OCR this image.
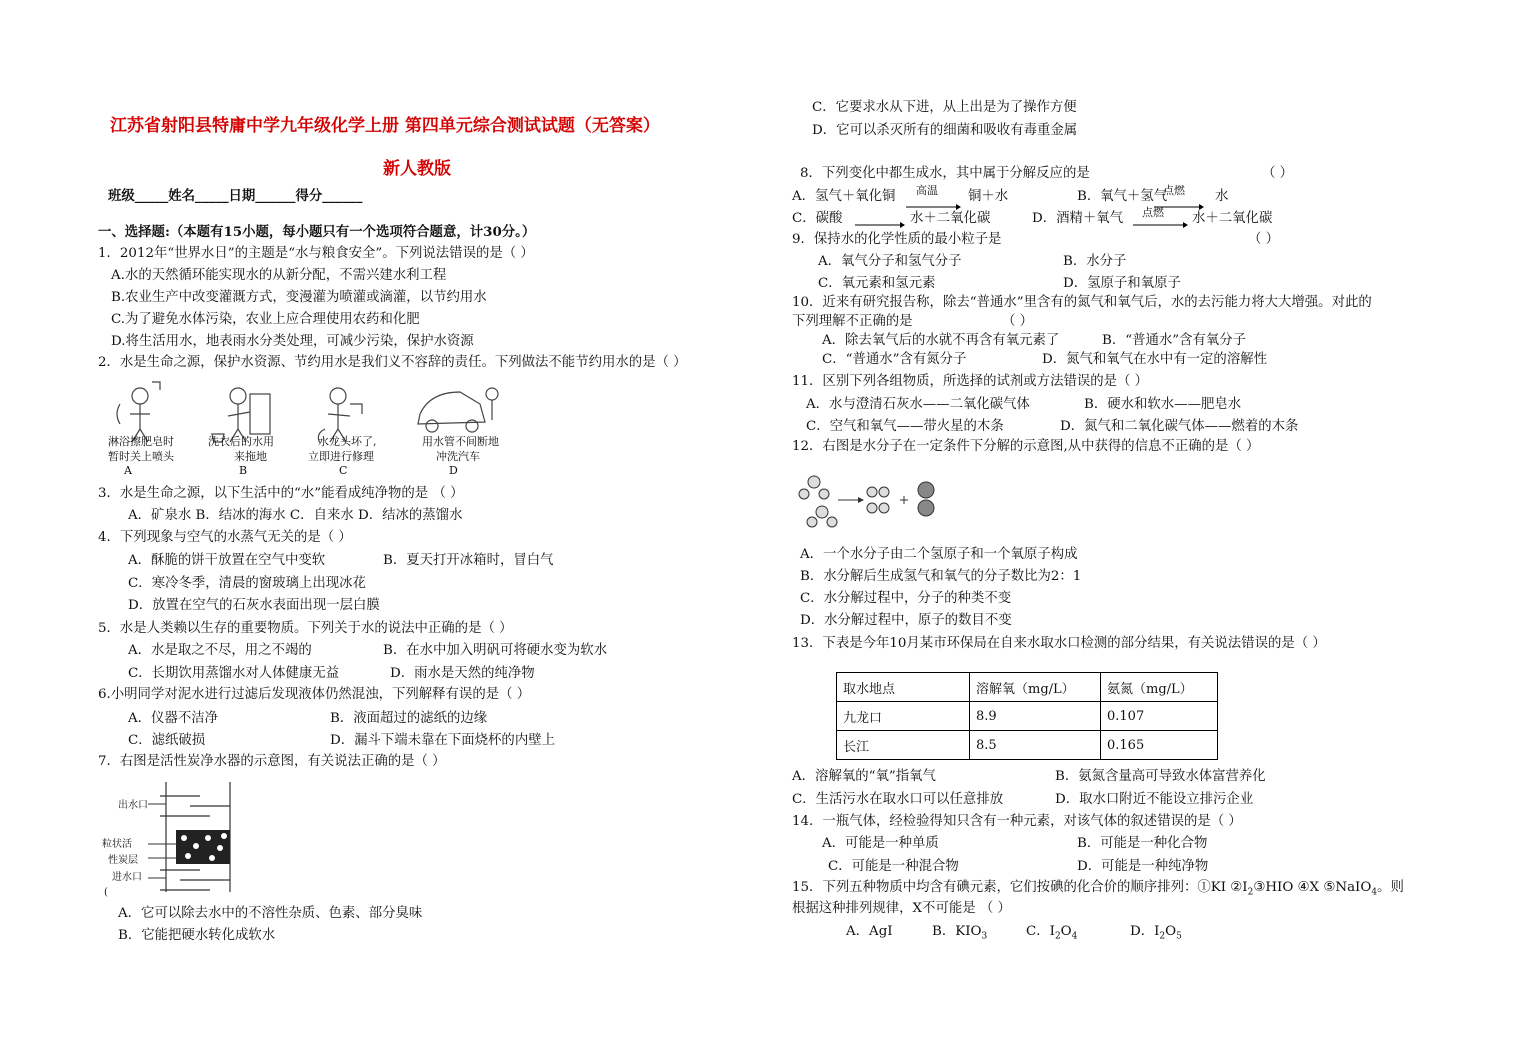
江苏省射阳县特庸中学九年级化学上册 第四单元综合测试试题（无答案）
新人教版
班级_____姓名_____日期______得分______
一、选择题:（本题有15小题，每小题只有一个选项符合题意，计30分。）
1．2012年“世界水日”的主题是“水与粮食安全”。下列说法错误的是（ ）
A.水的天然循环能实现水的从新分配，不需兴建水利工程
B.农业生产中改变灌溉方式，变漫灌为喷灌或滴灌，以节约用水
C.为了避免水体污染，农业上应合理使用农药和化肥
D.将生活用水，地表雨水分类处理，可减少污染，保护水资源
2．水是生命之源，保护水资源、节约用水是我们义不容辞的责任。下列做法不能节约用水的是（ ）
淋浴擦肥皂时
暂时关上喷头
A
洗衣后的水用
来拖地
B
水龙头坏了,
立即进行修理
C
用水管不间断地
冲洗汽车
D
3．水是生命之源，以下生活中的“水”能看成纯净物的是 （ ）
A．矿泉水 B．结冰的海水 C．自来水 D．结冰的蒸馏水
4．下列现象与空气的水蒸气无关的是（ ）
A．酥脆的饼干放置在空气中变软	B．夏天打开冰箱时，冒白气
C．寒冷冬季，清晨的窗玻璃上出现冰花
D．放置在空气的石灰水表面出现一层白膜
5．水是人类赖以生存的重要物质。下列关于水的说法中正确的是（ ）
A．水是取之不尽，用之不竭的	B．在水中加入明矾可将硬水变为软水
C．长期饮用蒸馏水对人体健康无益	D．雨水是天然的纯净物
6.小明同学对泥水进行过滤后发现液体仍然混浊，下列解释有误的是（ ）
A．仪器不洁净	B．液面超过的滤纸的边缘
C．滤纸破损	D．漏斗下端未靠在下面烧杯的内壁上
7．右图是活性炭净水器的示意图，有关说法正确的是（ ）
出水口
粒状活
性炭层
进水口
(
A．它可以除去水中的不溶性杂质、色素、部分臭味
B．它能把硬水转化成软水
C．它要求水从下进，从上出是为了操作方便
D．它可以杀灭所有的细菌和吸收有毒重金属
8．下列变化中都生成水，其中属于分解反应的是	（ ）
A．氢气＋氧化铜 高温 铜＋水	B．氧气＋氢气
点燃 → 水
C．碳酸 → 水＋二氧化碳	D．酒精＋氧气 点燃 水＋二氧化碳
9．保持水的化学性质的最小粒子是	（ ）
A．氧气分子和氢气分子	B．水分子
C．氧元素和氢元素	D．氢原子和氧原子
10．近来有研究报告称，除去“普通水”里含有的氮气和氧气后，水的去污能力将大大增强。对此的
下列理解不正确的是	（ ）
A．除去氧气后的水就不再含有氧元素了	B．“普通水”含有氧分子
C．“普通水”含有氮分子	D．氮气和氧气在水中有一定的溶解性
11．区别下列各组物质，所选择的试剂或方法错误的是（ ）
A．水与澄清石灰水——二氧化碳气体	B．硬水和软水——肥皂水
C．空气和氧气——带火星的木条	D．氮气和二氧化碳气体——燃着的木条
12．右图是水分子在一定条件下分解的示意图,从中获得的信息不正确的是（ ）
A．一个水分子由二个氢原子和一个氧原子构成
B．水分解后生成氢气和氧气的分子数比为2：1
C．水分解过程中，分子的种类不变
D．水分解过程中，原子的数目不变
13．下表是今年10月某市环保局在自来水取水口检测的部分结果，有关说法错误的是（ ）
取水地点	溶解氧（mg/L）	氨氮（mg/L）
九龙口	8.9	0.107
长江	8.5	0.165
A．溶解氧的“氧”指氧气	B．氨氮含量高可导致水体富营养化
C．生活污水在取水口可以任意排放	D．取水口附近不能设立排污企业
14．一瓶气体，经检验得知只含有一种元素，对该气体的叙述错误的是（ ）
A．可能是一种单质	B．可能是一种化合物
C．可能是一种混合物	D．可能是一种纯净物
15．下列五种物质中均含有碘元素，它们按碘的化合价的顺序排列：①KI $②I_2③HIO$ ④X ⑤NaIO$_4$。则
根据这种排列规律，X不可能是 （ ）
A．AgI	B．$KIO_3$	C．$I_2O_4$	D．$I_2O_5$
